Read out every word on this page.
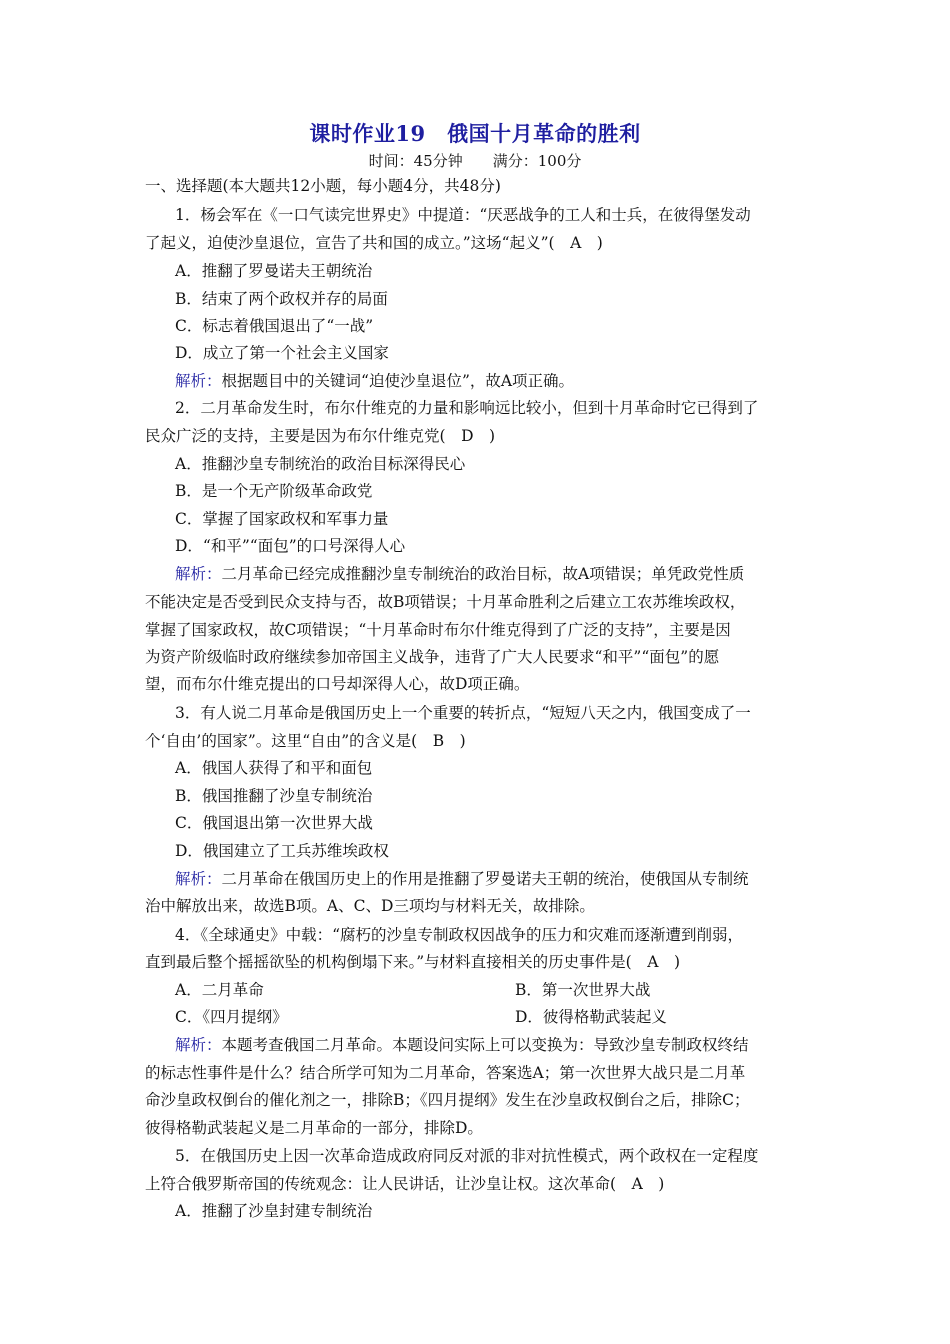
课时作业19　俄国十月革命的胜利
时间：45分钟　　满分：100分
一、选择题(本大题共12小题，每小题4分，共48分)
1．杨会军在《一口气读完世界史》中提道：“厌恶战争的工人和士兵，在彼得堡发动
了起义，迫使沙皇退位，宣告了共和国的成立。”这场“起义”(　A　)
A．推翻了罗曼诺夫王朝统治
B．结束了两个政权并存的局面
C．标志着俄国退出了“一战”
D．成立了第一个社会主义国家
解析：根据题目中的关键词“迫使沙皇退位”，故A项正确。
2．二月革命发生时，布尔什维克的力量和影响远比较小，但到十月革命时它已得到了
民众广泛的支持，主要是因为布尔什维克党(　D　)
A．推翻沙皇专制统治的政治目标深得民心
B．是一个无产阶级革命政党
C．掌握了国家政权和军事力量
D．“和平”“面包”的口号深得人心
解析：二月革命已经完成推翻沙皇专制统治的政治目标，故A项错误；单凭政党性质
不能决定是否受到民众支持与否，故B项错误；十月革命胜利之后建立工农苏维埃政权，
掌握了国家政权，故C项错误；“十月革命时布尔什维克得到了广泛的支持”，主要是因
为资产阶级临时政府继续参加帝国主义战争，违背了广大人民要求“和平”“面包”的愿
望，而布尔什维克提出的口号却深得人心，故D项正确。
3．有人说二月革命是俄国历史上一个重要的转折点，“短短八天之内，俄国变成了一
个‘自由’的国家”。这里“自由”的含义是(　B　)
A．俄国人获得了和平和面包
B．俄国推翻了沙皇专制统治
C．俄国退出第一次世界大战
D．俄国建立了工兵苏维埃政权
解析：二月革命在俄国历史上的作用是推翻了罗曼诺夫王朝的统治，使俄国从专制统
治中解放出来，故选B项。A、C、D三项均与材料无关，故排除。
4．《全球通史》中载：“腐朽的沙皇专制政权因战争的压力和灾难而逐渐遭到削弱，
直到最后整个摇摇欲坠的机构倒塌下来。”与材料直接相关的历史事件是(　A　)
A．二月革命	B．第一次世界大战
C．《四月提纲》	D．彼得格勒武装起义
解析：本题考查俄国二月革命。本题设问实际上可以变换为：导致沙皇专制政权终结
的标志性事件是什么？结合所学可知为二月革命，答案选A；第一次世界大战只是二月革
命沙皇政权倒台的催化剂之一，排除B；《四月提纲》发生在沙皇政权倒台之后，排除C；
彼得格勒武装起义是二月革命的一部分，排除D。
5．在俄国历史上因一次革命造成政府同反对派的非对抗性模式，两个政权在一定程度
上符合俄罗斯帝国的传统观念：让人民讲话，让沙皇让权。这次革命(　A　)
A．推翻了沙皇封建专制统治
